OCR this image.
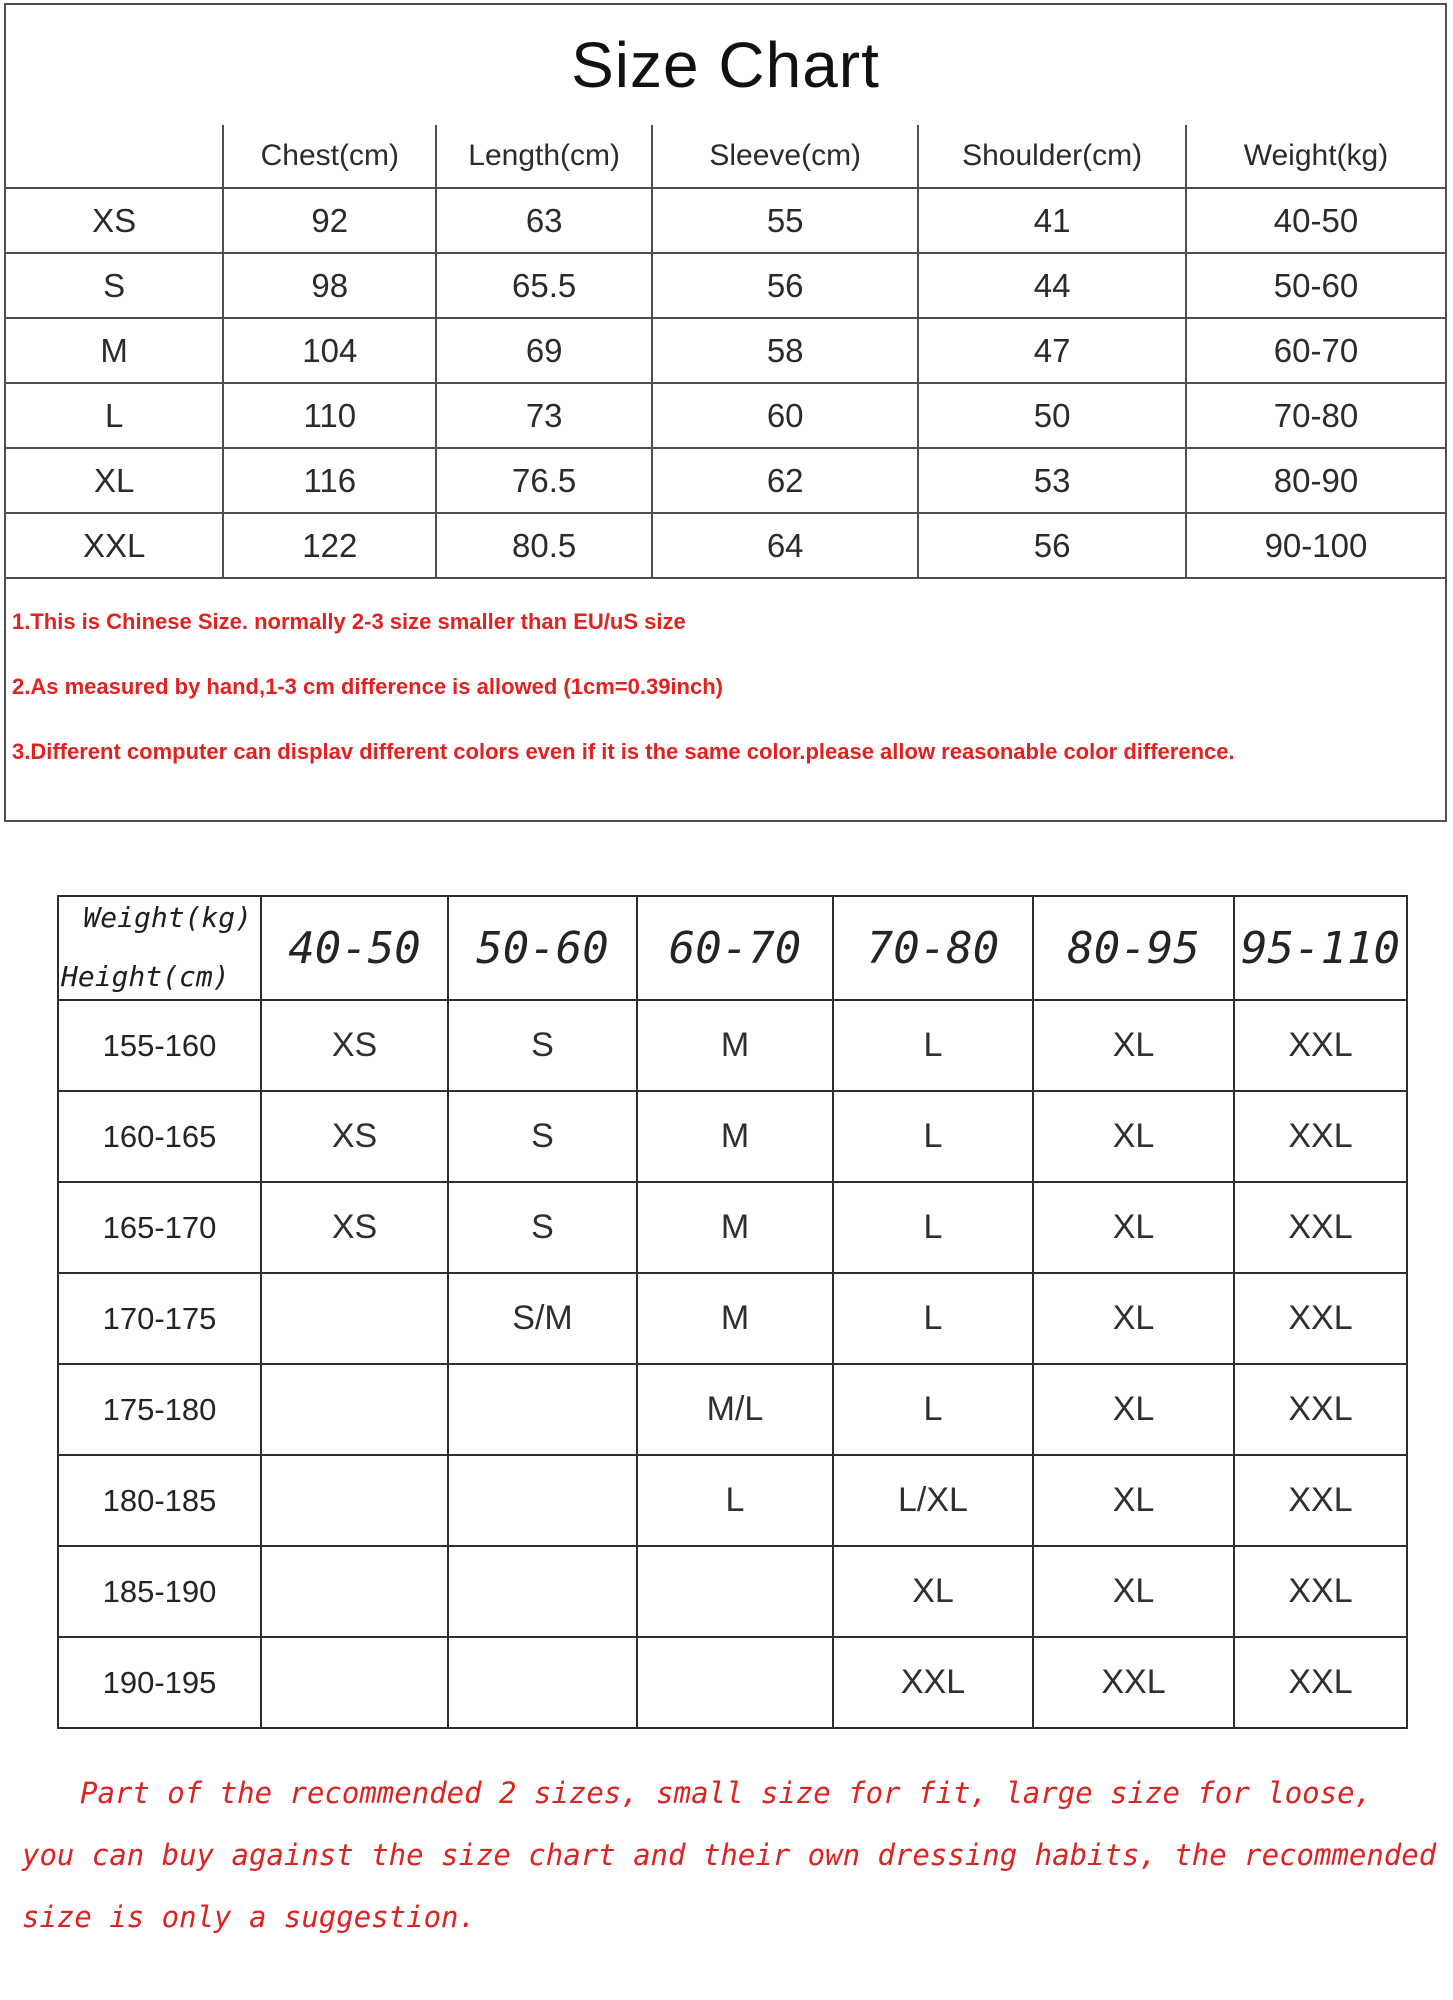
Size Chart
	Chest(cm)	Length(cm)	Sleeve(cm)	Shoulder(cm)	Weight(kg)
XS	92	63	55	41	40-50
S	98	65.5	56	44	50-60
M	104	69	58	47	60-70
L	110	73	60	50	70-80
XL	116	76.5	62	53	80-90
XXL	122	80.5	64	56	90-100

1.This is Chinese Size. normally 2-3 size smaller than EU/uS size

2.As measured by hand,1-3 cm difference is allowed (1cm=0.39inch)

3.Different computer can displav different colors even if it is the same color.please allow reasonable color difference.

Weight(kg)
Height(cm)	40-50	50-60	60-70	70-80	80-95	95-110
155-160	XS	S	M	L	XL	XXL
160-165	XS	S	M	L	XL	XXL
165-170	XS	S	M	L	XL	XXL
170-175		S/M	M	L	XL	XXL
175-180			M/L	L	XL	XXL
180-185			L	L/XL	XL	XXL
185-190				XL	XL	XXL
190-195				XXL	XXL	XXL
Part of the recommended 2 sizes, small size for fit, large size for loose,
you can buy against the size chart and their own dressing habits, the recommended
size is only a suggestion.
